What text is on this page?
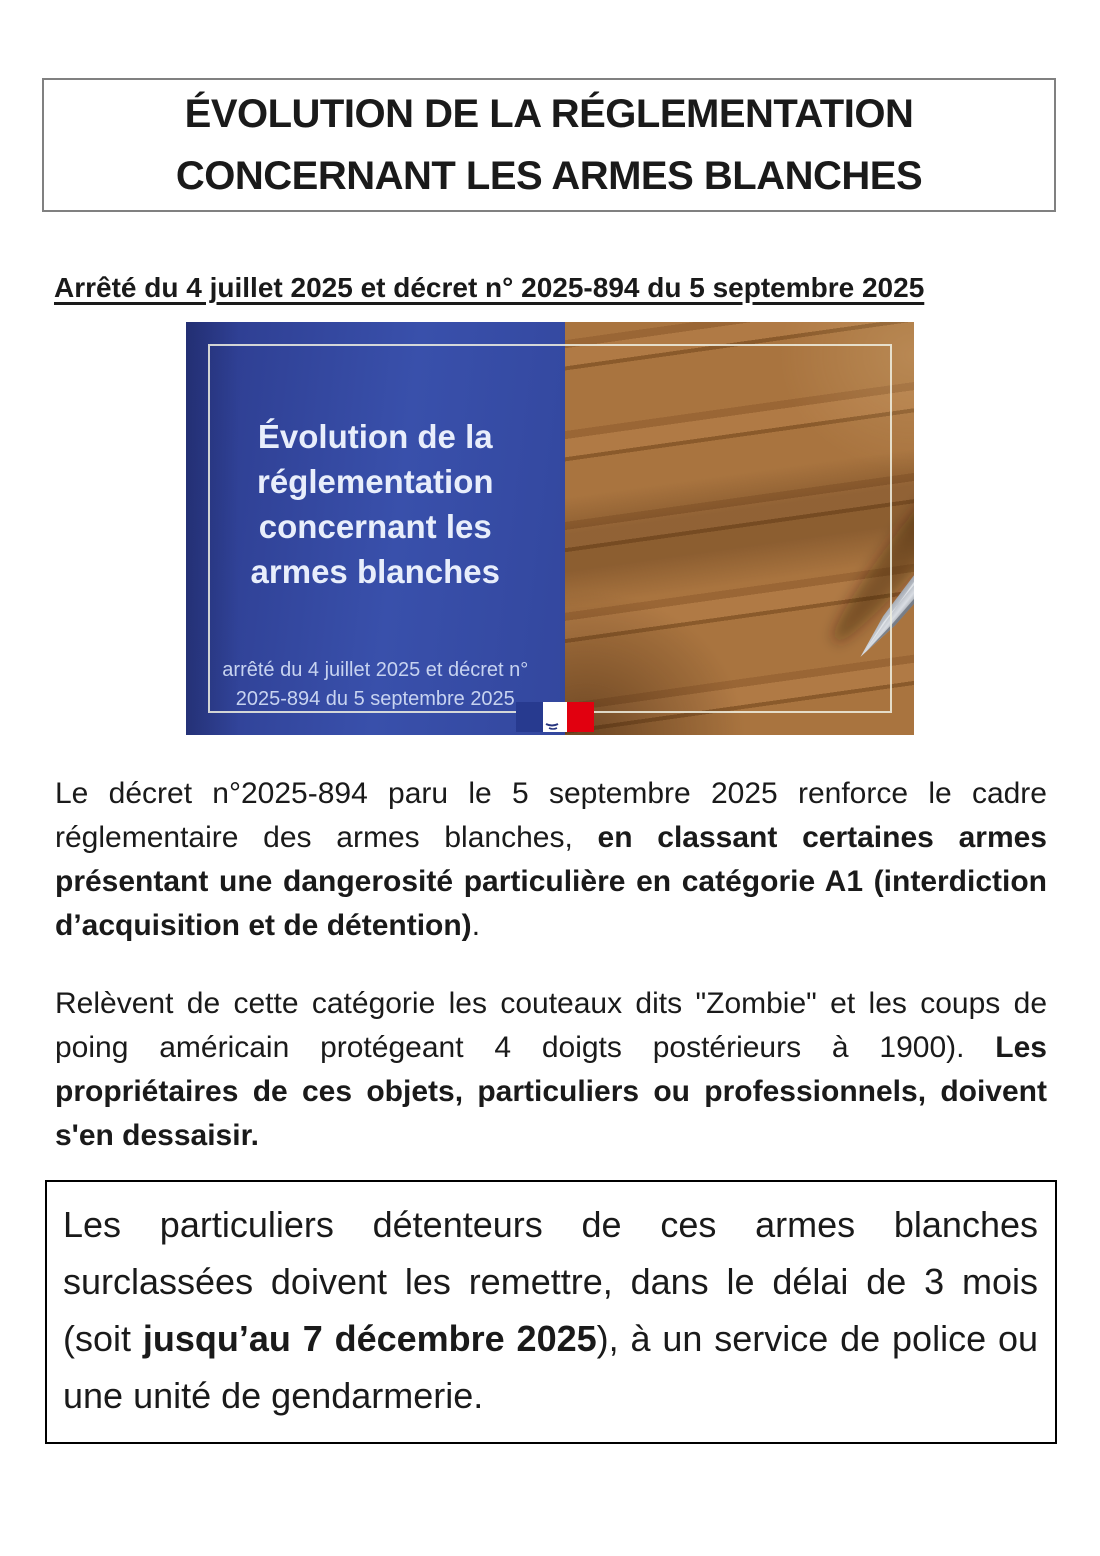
ÉVOLUTION DE LA RÉGLEMENTATION
CONCERNANT LES ARMES BLANCHES
Arrêté du 4 juillet 2025 et décret n° 2025-894 du 5 septembre 2025
Évolution de la réglementation concernant les armes blanches
arrêté du 4 juillet 2025 et décret n° 2025-894 du 5 septembre 2025

Le décret n°2025-894 paru le 5 septembre 2025 renforce le cadre réglementaire des armes blanches, en classant certaines armes présentant une dangerosité particulière en catégorie A1 (interdiction d’acquisition et de détention).

Relèvent de cette catégorie les couteaux dits "Zombie" et les coups de poing américain protégeant 4 doigts postérieurs à 1900). Les propriétaires de ces objets, particuliers ou professionnels, doivent s'en dessaisir.

Les particuliers détenteurs de ces armes blanches surclassées doivent les remettre, dans le délai de 3 mois (soit jusqu’au 7 décembre 2025), à un service de police ou une unité de gendarmerie.
